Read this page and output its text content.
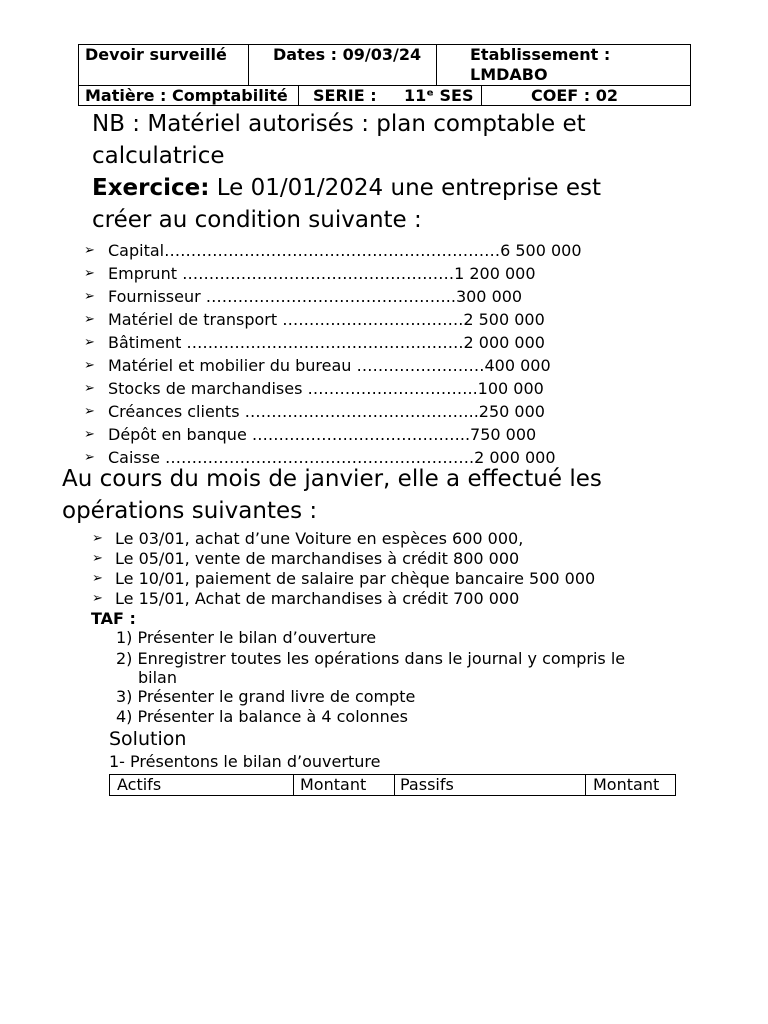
Devoir surveillé	Dates : 09/03/24	Etablissement :
LMDABO
Matière : Comptabilité SERIE : 11ᵉ SES	COEF : 02
NB : Matériel autorisés : plan comptable et
calculatrice
Exercice: Le 01/01/2024 une entreprise est
créer au condition suivante :
➢ Capital………………………………………………………6 500 000
➢ Emprunt ……………………………………………1 200 000
➢ Fournisseur ………………………………………..300 000
➢ Matériel de transport …………………………….2 500 000
➢ Bâtiment …………………………………………….2 000 000
➢ Matériel et mobilier du bureau ……………………400 000
➢ Stocks de marchandises …………………………..100 000
➢ Créances clients ……………………………………..250 000
➢ Dépôt en banque …………………………………..750 000
➢ Caisse ………………………………………………….2 000 000
Au cours du mois de janvier, elle a effectué les
opérations suivantes :
➢ Le 03/01, achat d’une Voiture en espèces 600 000,
➢ Le 05/01, vente de marchandises à crédit 800 000
➢ Le 10/01, paiement de salaire par chèque bancaire 500 000
➢ Le 15/01, Achat de marchandises à crédit 700 000
TAF :
1) Présenter le bilan d’ouverture
2) Enregistrer toutes les opérations dans le journal y compris le
bilan
3) Présenter le grand livre de compte
4) Présenter la balance à 4 colonnes
Solution
1- Présentons le bilan d’ouverture
Actifs	Montant Passifs	Montant
